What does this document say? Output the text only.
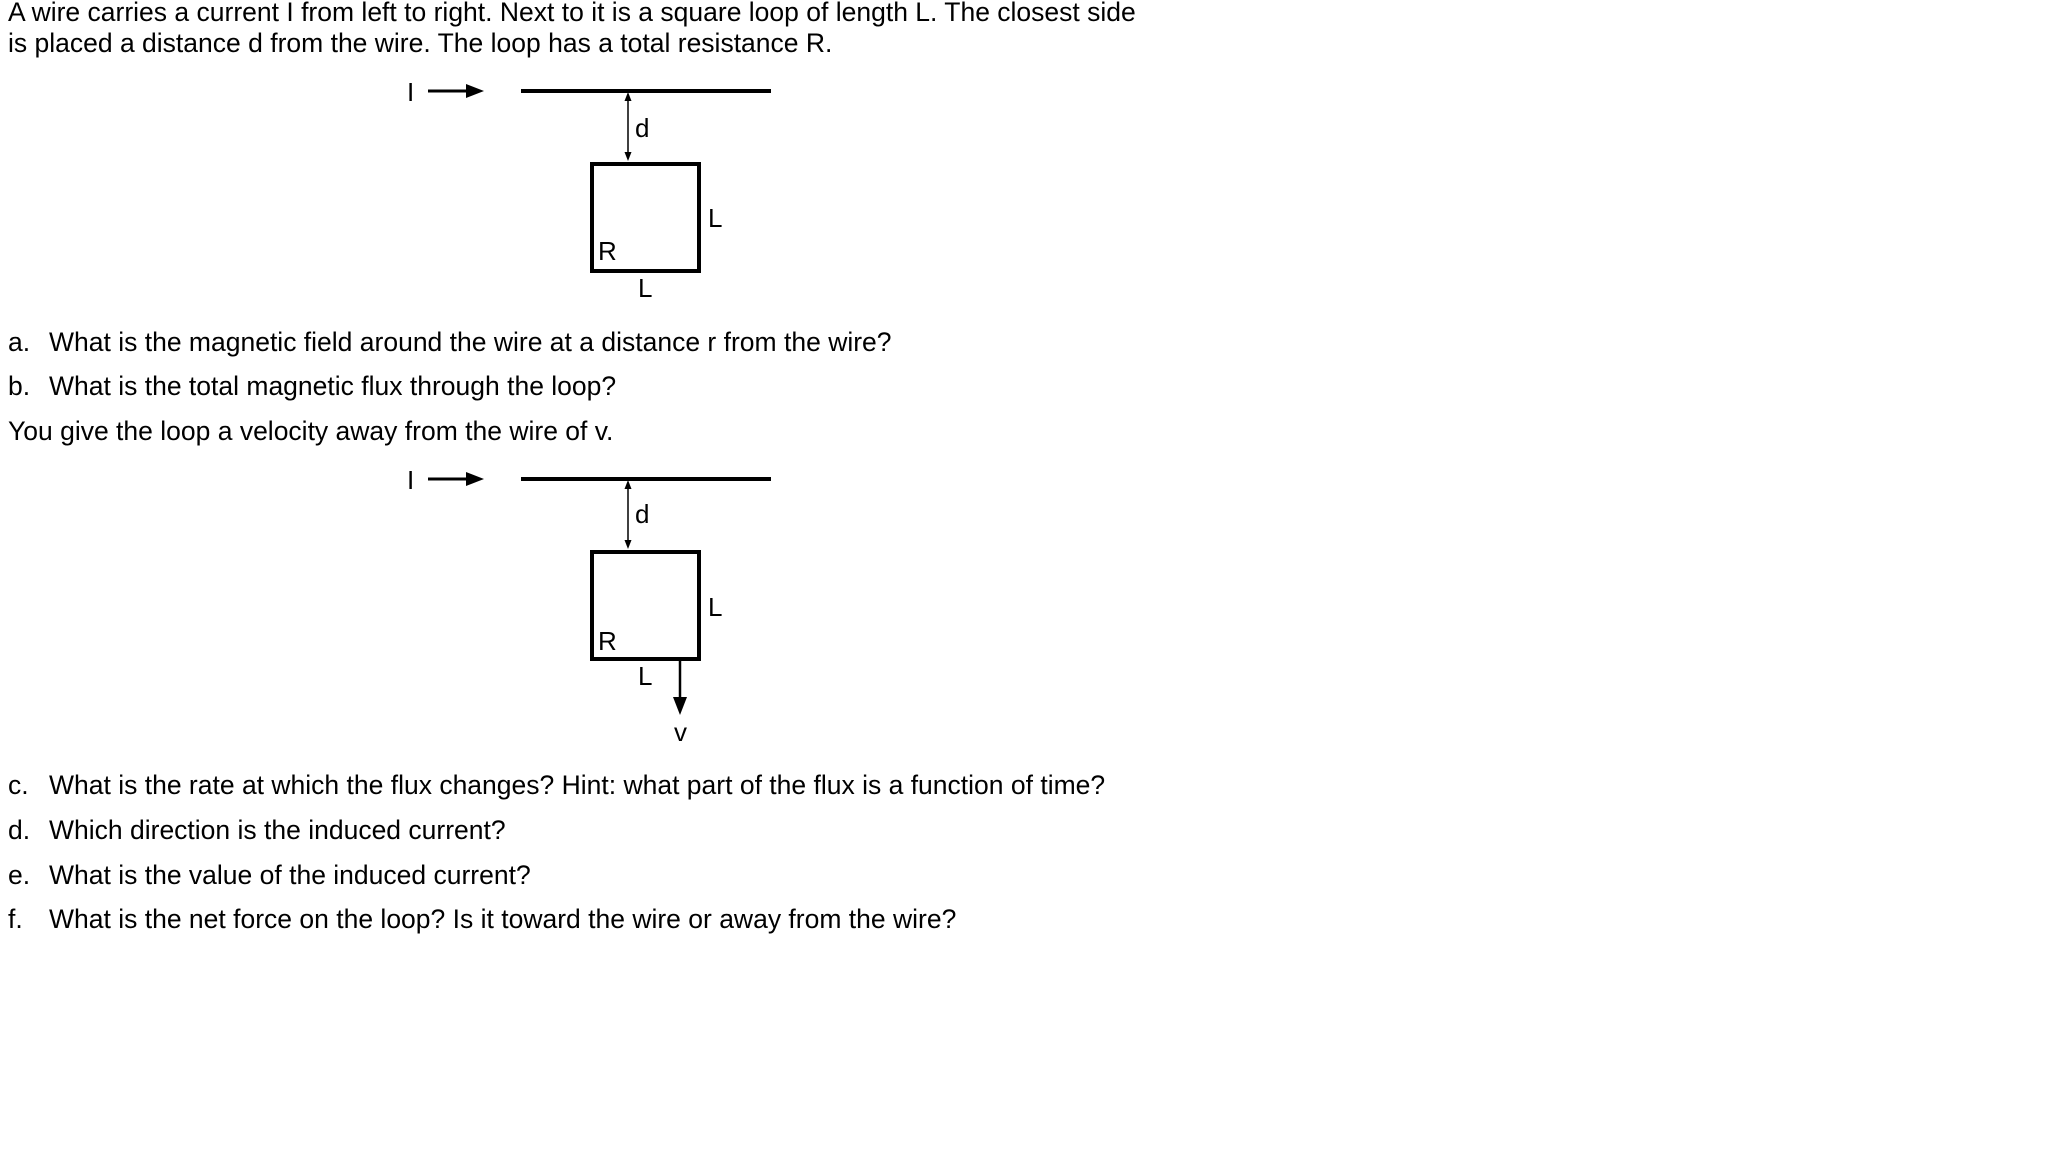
A wire carries a current I from left to right. Next to it is a square loop of length L. The closest side
is placed a distance d from the wire. The loop has a total resistance R.
I
d
L
R
L
a. What is the magnetic field around the wire at a distance r from the wire?
b. What is the total magnetic flux through the loop?
You give the loop a velocity away from the wire of v.
I
d
L
R
L
v
c. What is the rate at which the flux changes? Hint: what part of the flux is a function of time?
d. Which direction is the induced current?
e. What is the value of the induced current?
f. What is the net force on the loop? Is it toward the wire or away from the wire?
